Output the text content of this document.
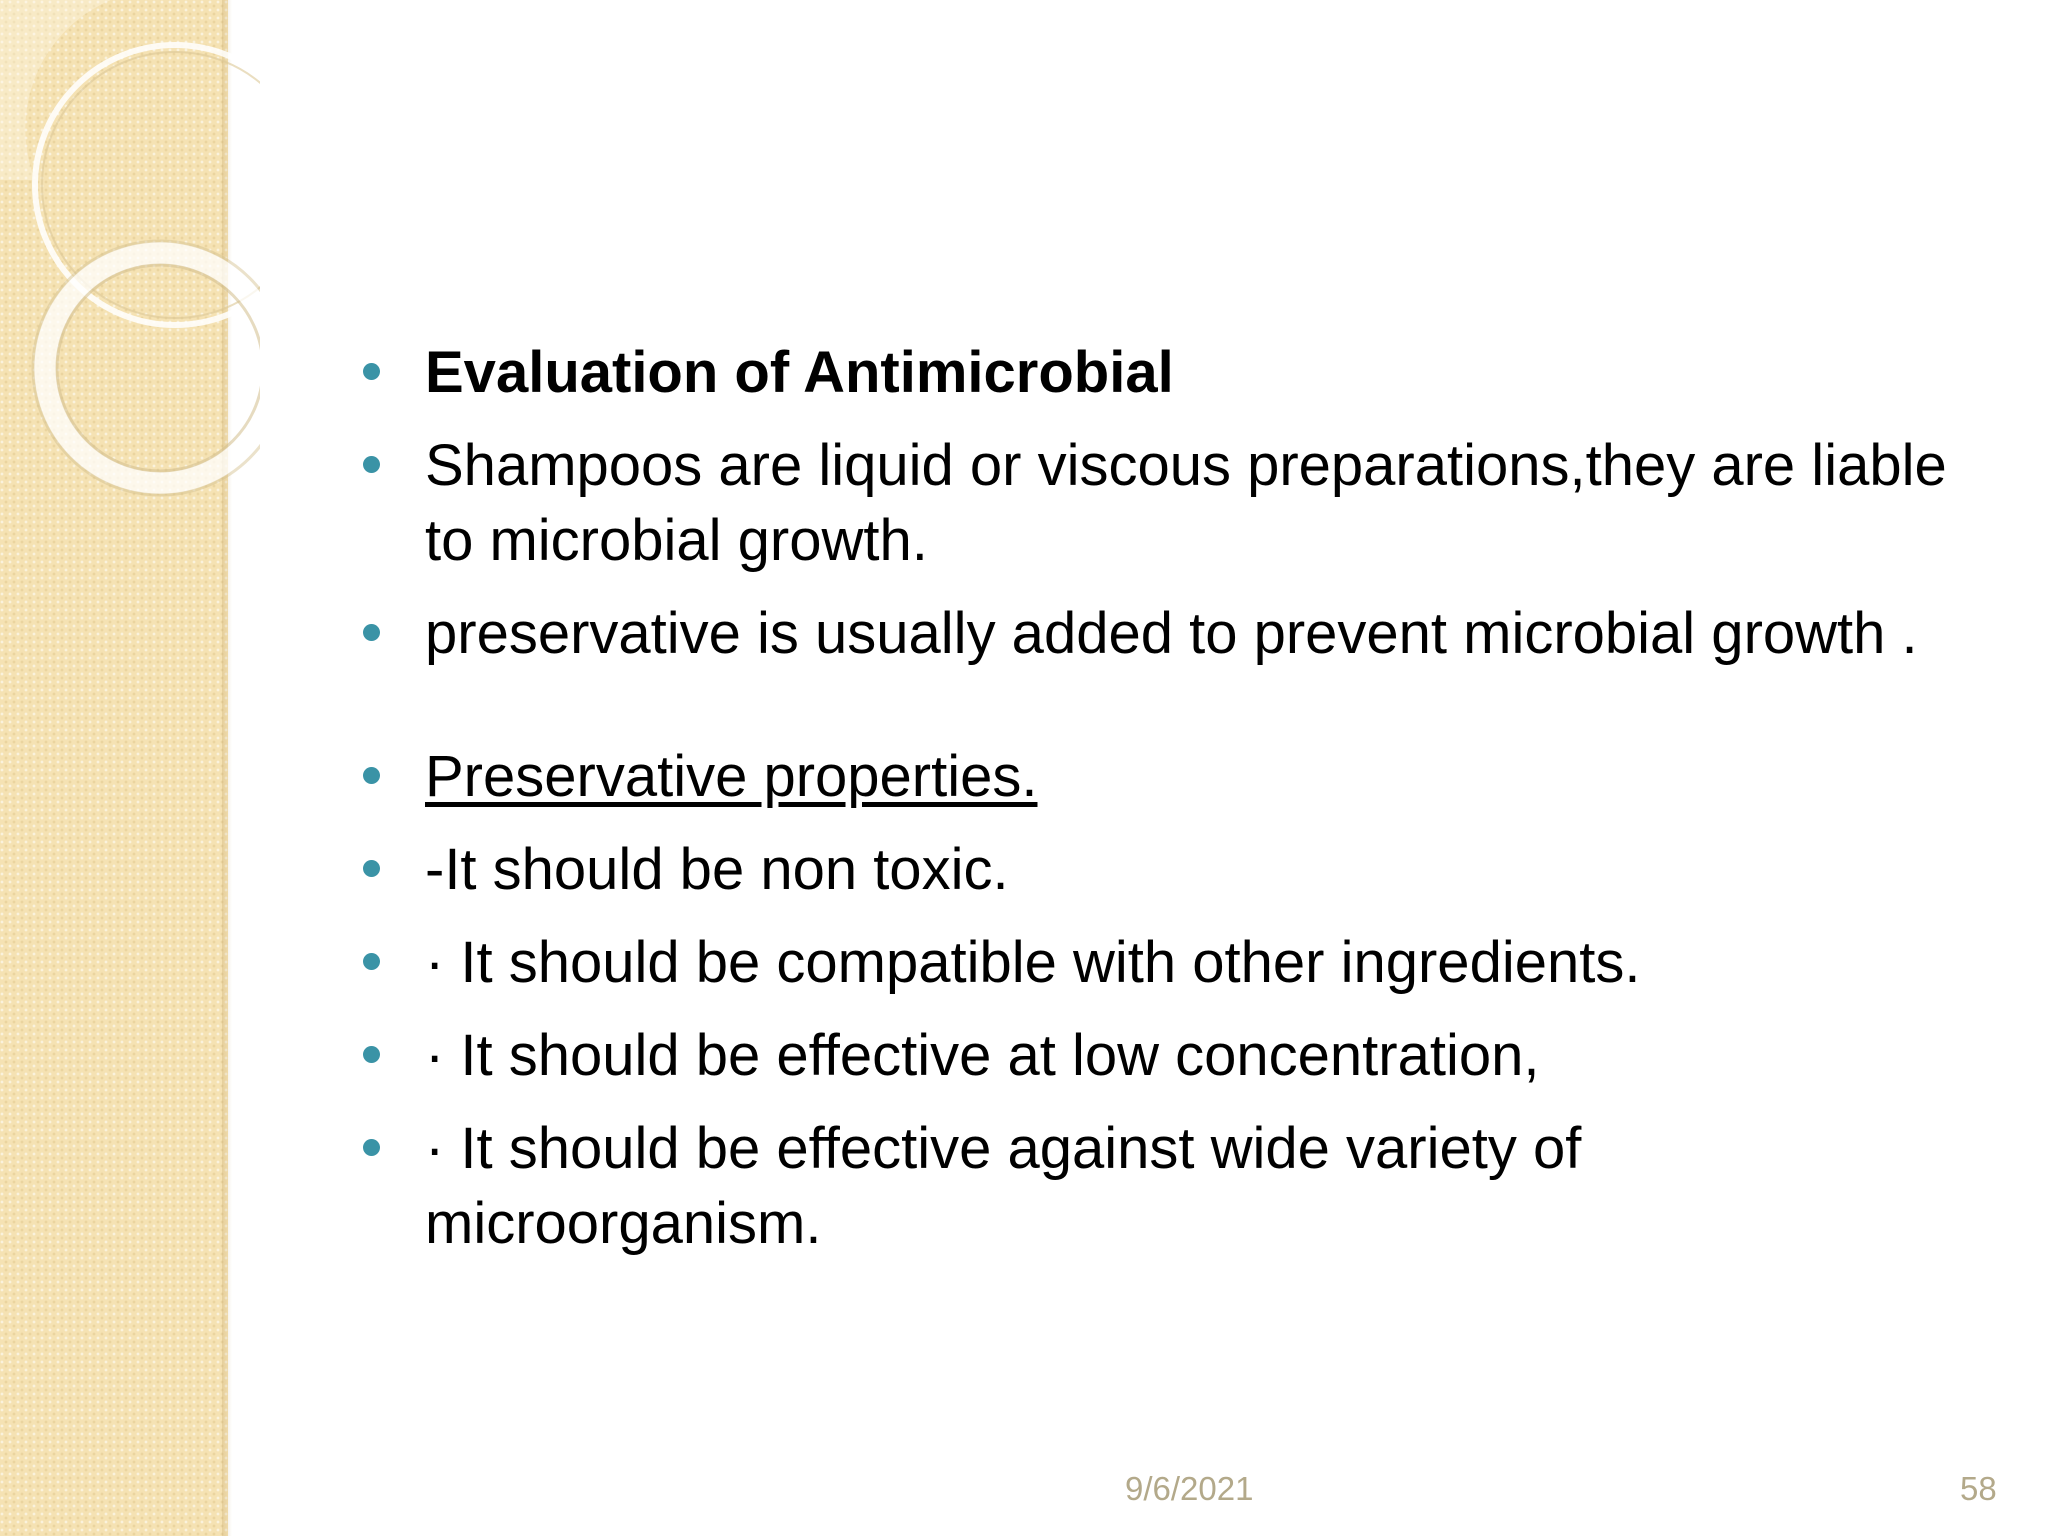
Evaluation of Antimicrobial
Shampoos are liquid or viscous preparations,they are liable to microbial growth.
preservative is usually added to prevent microbial growth .
Preservative properties.
-It should be non toxic.
· It should be compatible with other ingredients.
· It should be effective at low concentration,
· It should be effective against wide variety of microorganism.
9/6/2021	58
